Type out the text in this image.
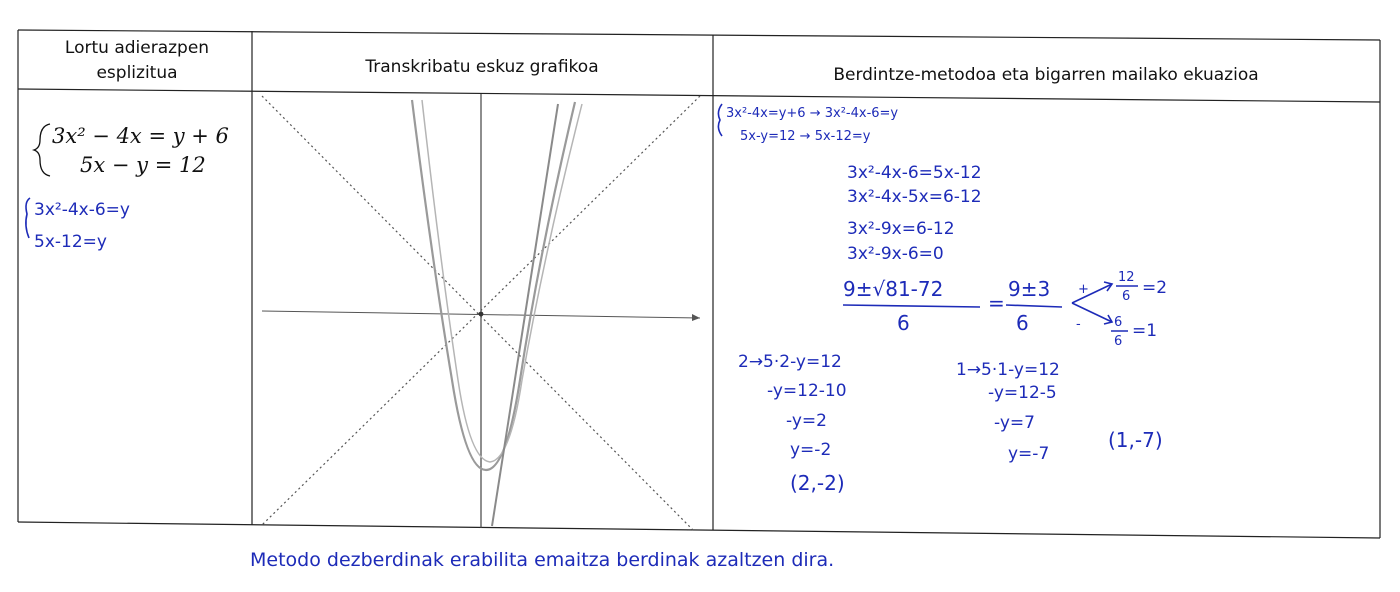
Lortu adierazpen
esplizitua	Transkribatu eskuz grafikoa	Berdintze-metodoa eta bigarren mailako ekuazioa
3x² − 4x = y + 6
5x − y = 12
3x²-4x-6=y
5x-12=y
3x²-4x=y+6 → 3x²-4x-6=y
5x-y=12 → 5x-12=y
3x²-4x-6=5x-12
3x²-4x-5x=6-12
3x²-9x=6-12
3x²-9x-6=0
9±√81-72
6
=
9±3
6
+
-
12
6 =2
6
6
=1
2→5·2-y=12
-y=12-10
-y=2
y=-2
(2,-2)
1→5·1-y=12
-y=12-5
-y=7
y=-7
(1,-7)
Metodo dezberdinak erabilita emaitza berdinak azaltzen dira.
